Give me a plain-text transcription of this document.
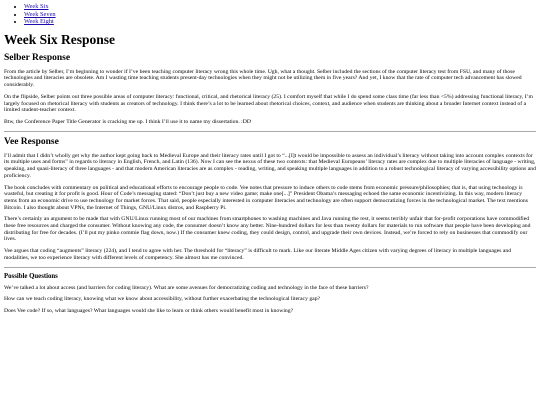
• Week Six
• Week Seven
• Week Eight
Week Six Response
Selber Response

From the article by Selber, I’m beginning to wonder if I’ve been teaching computer literacy wrong this whole time. Ugh, what a thought. Selber included the sections of the computer literacy test from FSU, and many of those technologies and literacies are obsolete. Am I wasting time teaching students present-day technologies when they might not be utilizing them in five years? And yet, I know that the rate of computer tech advancement has slowed considerably.

On the flipside, Selber points out three possible areas of computer literacy: functional, critical, and rhetorical literacy (25). I comfort myself that while I do spend some class time (far less than <5%) addressing functional literacy, I’m largely focused on rhetorical literacy with students as creators of technology. I think there’s a lot to be learned about rhetorical choices, context, and audience when students are thinking about a broader Internet context instead of a limited student-teacher context.

Btw, the Conference Paper Title Generator is cracking me up. I think I’ll use it to name my dissertation. :DD

Vee Response

I’ll admit that I didn’t wholly get why the author kept going back to Medieval Europe and their literacy rates until I got to “...[I]t would be impossible to assess an individual’s literacy without taking into account complex contexts for its multiple uses and forms” in regards to literacy in English, French, and Latin (136). Now I can see the nexus of these two contexts: that Medieval Europeans’ literacy rates are complex due to multiple literacies of language - writing, speaking, and quasi-literacy of three languages - and that modern American literacies are as complex - reading, writing, and speaking multiple languages in addition to a robust technological literacy of varying accessibility options and proficiency.

The book concludes with commentary on political and educational efforts to encourage people to code. Vee notes that pressure to induce others to code stems from economic pressure/philosophies; that is, that using technology is wasteful, but creating it for profit is good. Hour of Code’s messaging stated: “Don’t just buy a new video game; make one[...]” President Obama’s messaging echoed the same economic incentivizing. In this way, modern literacy stems from an economic drive to use technology for market forces. That said, people especially interested in computer literacies and technology are often support democratizing forces in the technological market. The text mentions Bitcoin. I also thought about VPNs, the Internet of Things, GNU/Linux distros, and Raspberry Pi.

There’s certainly an argument to be made that with GNU/Linux running most of our machines from smartphones to washing machines and Java running the rest, it seems terribly unfair that for-profit corporations have commodified these free resources and charged the consumer. Without knowing any code, the consumer doesn’t know any better. Nine-hundred dollars for less than twenty dollars for materials to run software that people have been developing and distributing for free for decades. (I’ll put my pinko commie flag down, now.) If the consumer knew coding, they could design, control, and upgrade their own devices. Instead, we’re forced to rely on businesses that commodify our lives.

Vee argues that coding “augments” literacy (224), and I tend to agree with her. The threshold for “literacy” is difficult to mark. Like our literate Middle Ages citizen with varying degrees of literacy in multiple languages and modalities, we too experience literacy with different levels of competency. She almost has me convinced.

Possible Questions

We’ve talked a lot about access (and barriers for coding literacy). What are some avenues for democratizing coding and technology in the face of these barriers?

How can we teach coding literacy, knowing what we know about accessibility, without further exacerbating the technological literacy gap?

Does Vee code? If so, what languages? What languages would she like to learn or think others would benefit most in knowing?
